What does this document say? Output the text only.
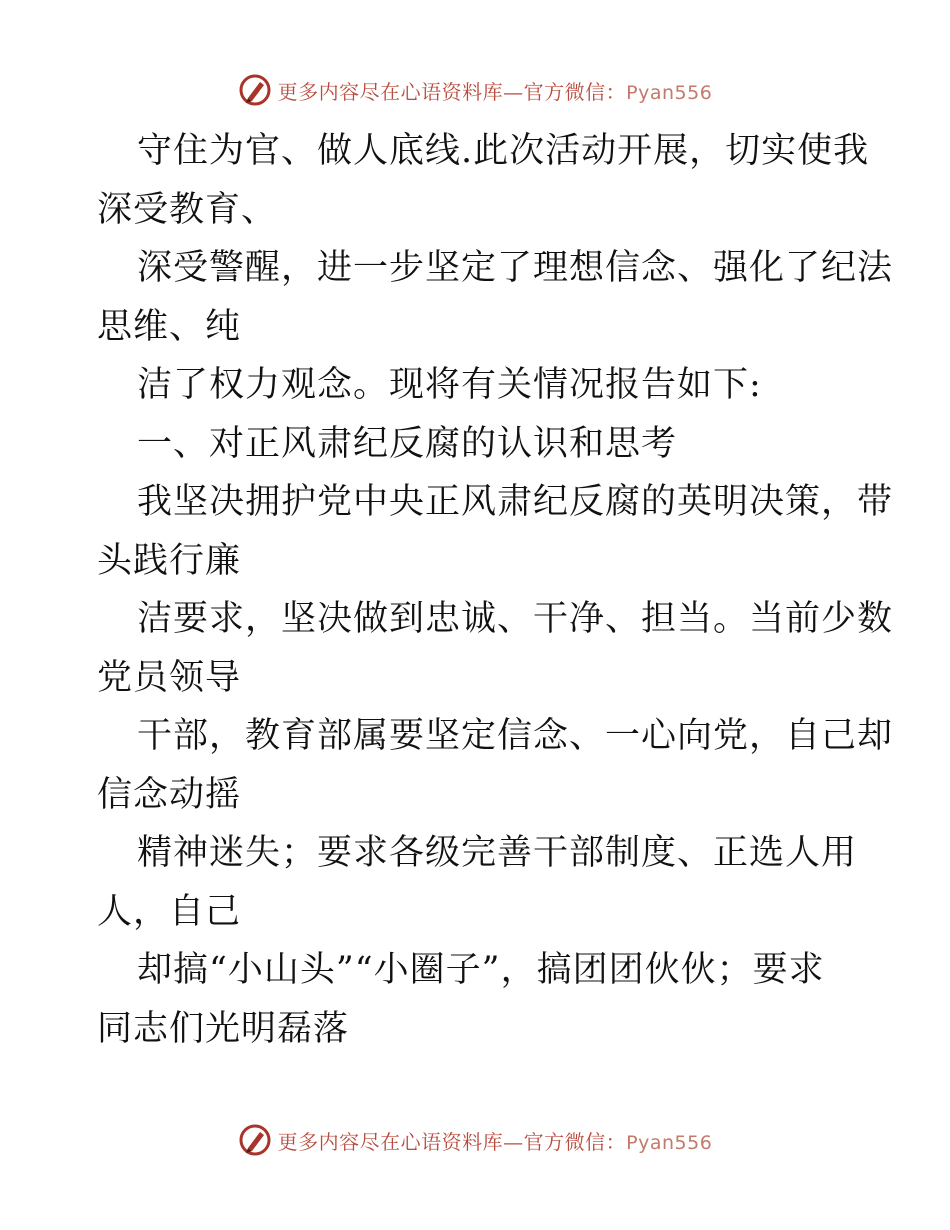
更多内容尽在心语资料库—官方微信：Pyan556
守住为官、做人底线.此次活动开展，切实使我
深受教育、
深受警醒，进一步坚定了理想信念、强化了纪法
思维、纯
洁了权力观念。现将有关情况报告如下:
一、对正风肃纪反腐的认识和思考
我坚决拥护党中央正风肃纪反腐的英明决策，带
头践行廉
洁要求，坚决做到忠诚、干净、担当。当前少数
党员领导
干部，教育部属要坚定信念、一心向党，自己却
信念动摇
精神迷失；要求各级完善干部制度、正选人用
人，自己
却搞“小山头”“小圈子”，搞团团伙伙；要求
同志们光明磊落
更多内容尽在心语资料库—官方微信：Pyan556
